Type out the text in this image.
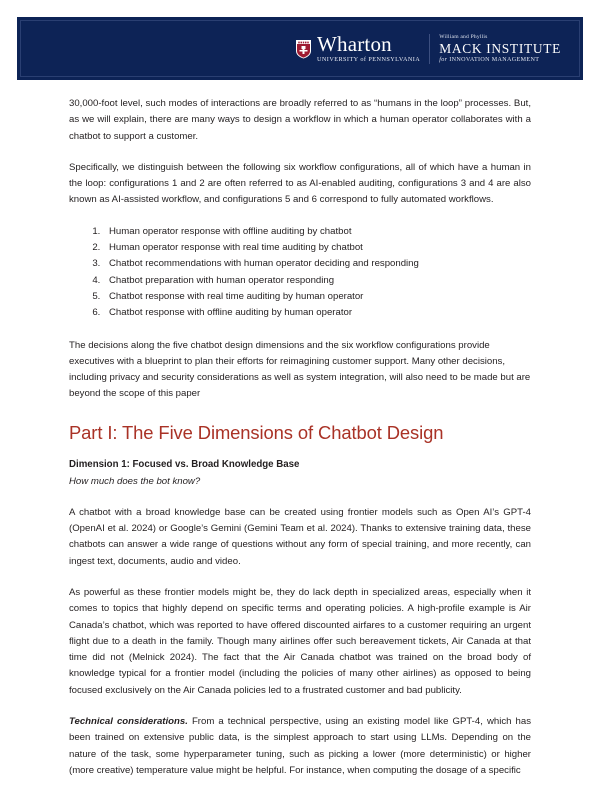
Wharton
UNIVERSITY of PENNSYLVANIA
William and Phyllis
MACK INSTITUTE
for INNOVATION MANAGEMENT

30,000-foot level, such modes of interactions are broadly referred to as “humans in the loop” processes. But, as we will explain, there are many ways to design a workflow in which a human operator collaborates with a chatbot to support a customer.

Specifically, we distinguish between the following six workflow configurations, all of which have a human in the loop: configurations 1 and 2 are often referred to as AI-enabled auditing, configurations 3 and 4 are also known as AI-assisted workflow, and configurations 5 and 6 correspond to fully automated workflows.

1. Human operator response with offline auditing by chatbot
2. Human operator response with real time auditing by chatbot
3. Chatbot recommendations with human operator deciding and responding
4. Chatbot preparation with human operator responding
5. Chatbot response with real time auditing by human operator
6. Chatbot response with offline auditing by human operator

The decisions along the five chatbot design dimensions and the six workflow configurations provide executives with a blueprint to plan their efforts for reimagining customer support. Many other decisions, including privacy and security considerations as well as system integration, will also need to be made but are beyond the scope of this paper

Part I: The Five Dimensions of Chatbot Design
Dimension 1: Focused vs. Broad Knowledge Base

How much does the bot know?

A chatbot with a broad knowledge base can be created using frontier models such as Open AI’s GPT-4 (OpenAI et al. 2024) or Google’s Gemini (Gemini Team et al. 2024). Thanks to extensive training data, these chatbots can answer a wide range of questions without any form of special training, and more recently, can ingest text, documents, audio and video.

As powerful as these frontier models might be, they do lack depth in specialized areas, especially when it comes to topics that highly depend on specific terms and operating policies. A high-profile example is Air Canada’s chatbot, which was reported to have offered discounted airfares to a customer requiring an urgent flight due to a death in the family. Though many airlines offer such bereavement tickets, Air Canada at that time did not (Melnick 2024). The fact that the Air Canada chatbot was trained on the broad body of knowledge typical for a frontier model (including the policies of many other airlines) as opposed to being focused exclusively on the Air Canada policies led to a frustrated customer and bad publicity.

Technical considerations. From a technical perspective, using an existing model like GPT-4, which has been trained on extensive public data, is the simplest approach to start using LLMs. Depending on the nature of the task, some hyperparameter tuning, such as picking a lower (more deterministic) or higher (more creative) temperature value might be helpful. For instance, when computing the dosage of a specific
